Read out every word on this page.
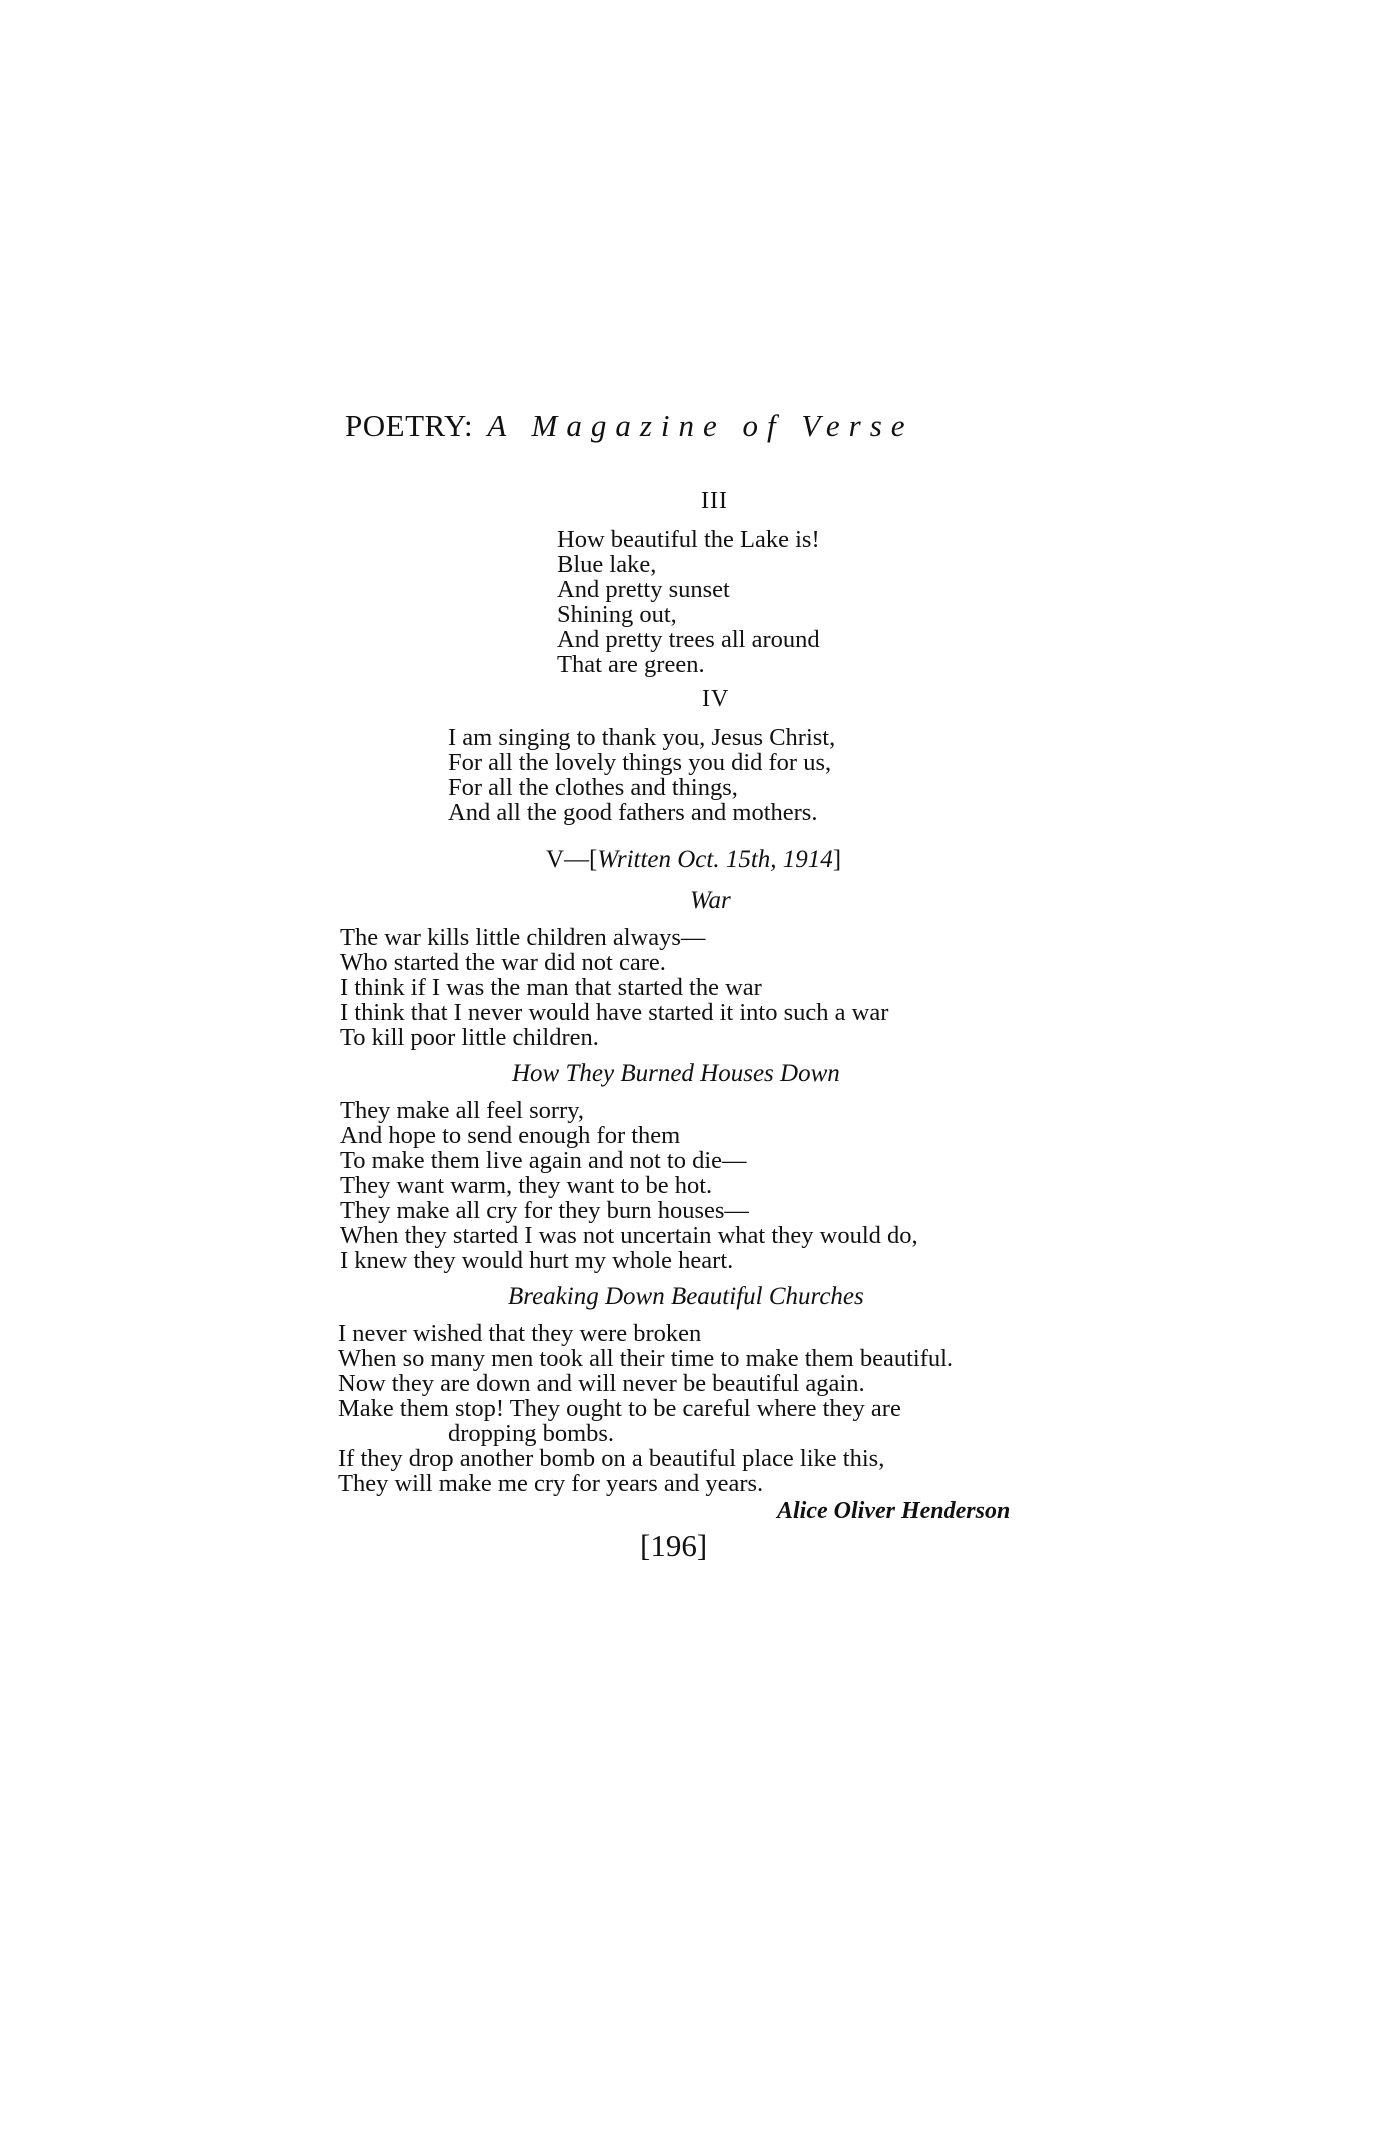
POETRY: A Magazine of Verse
III
How beautiful the Lake is!
Blue lake,
And pretty sunset
Shining out,
And pretty trees all around
That are green.
IV
I am singing to thank you, Jesus Christ,
For all the lovely things you did for us,
For all the clothes and things,
And all the good fathers and mothers.
V—[Written Oct. 15th, 1914]
War
The war kills little children always—
Who started the war did not care.
I think if I was the man that started the war
I think that I never would have started it into such a war
To kill poor little children.
How They Burned Houses Down
They make all feel sorry,
And hope to send enough for them
To make them live again and not to die—
They want warm, they want to be hot.
They make all cry for they burn houses—
When they started I was not uncertain what they would do,
I knew they would hurt my whole heart.
Breaking Down Beautiful Churches
I never wished that they were broken
When so many men took all their time to make them beautiful.
Now they are down and will never be beautiful again.
Make them stop! They ought to be careful where they are
dropping bombs.
If they drop another bomb on a beautiful place like this,
They will make me cry for years and years.
Alice Oliver Henderson
[196]
